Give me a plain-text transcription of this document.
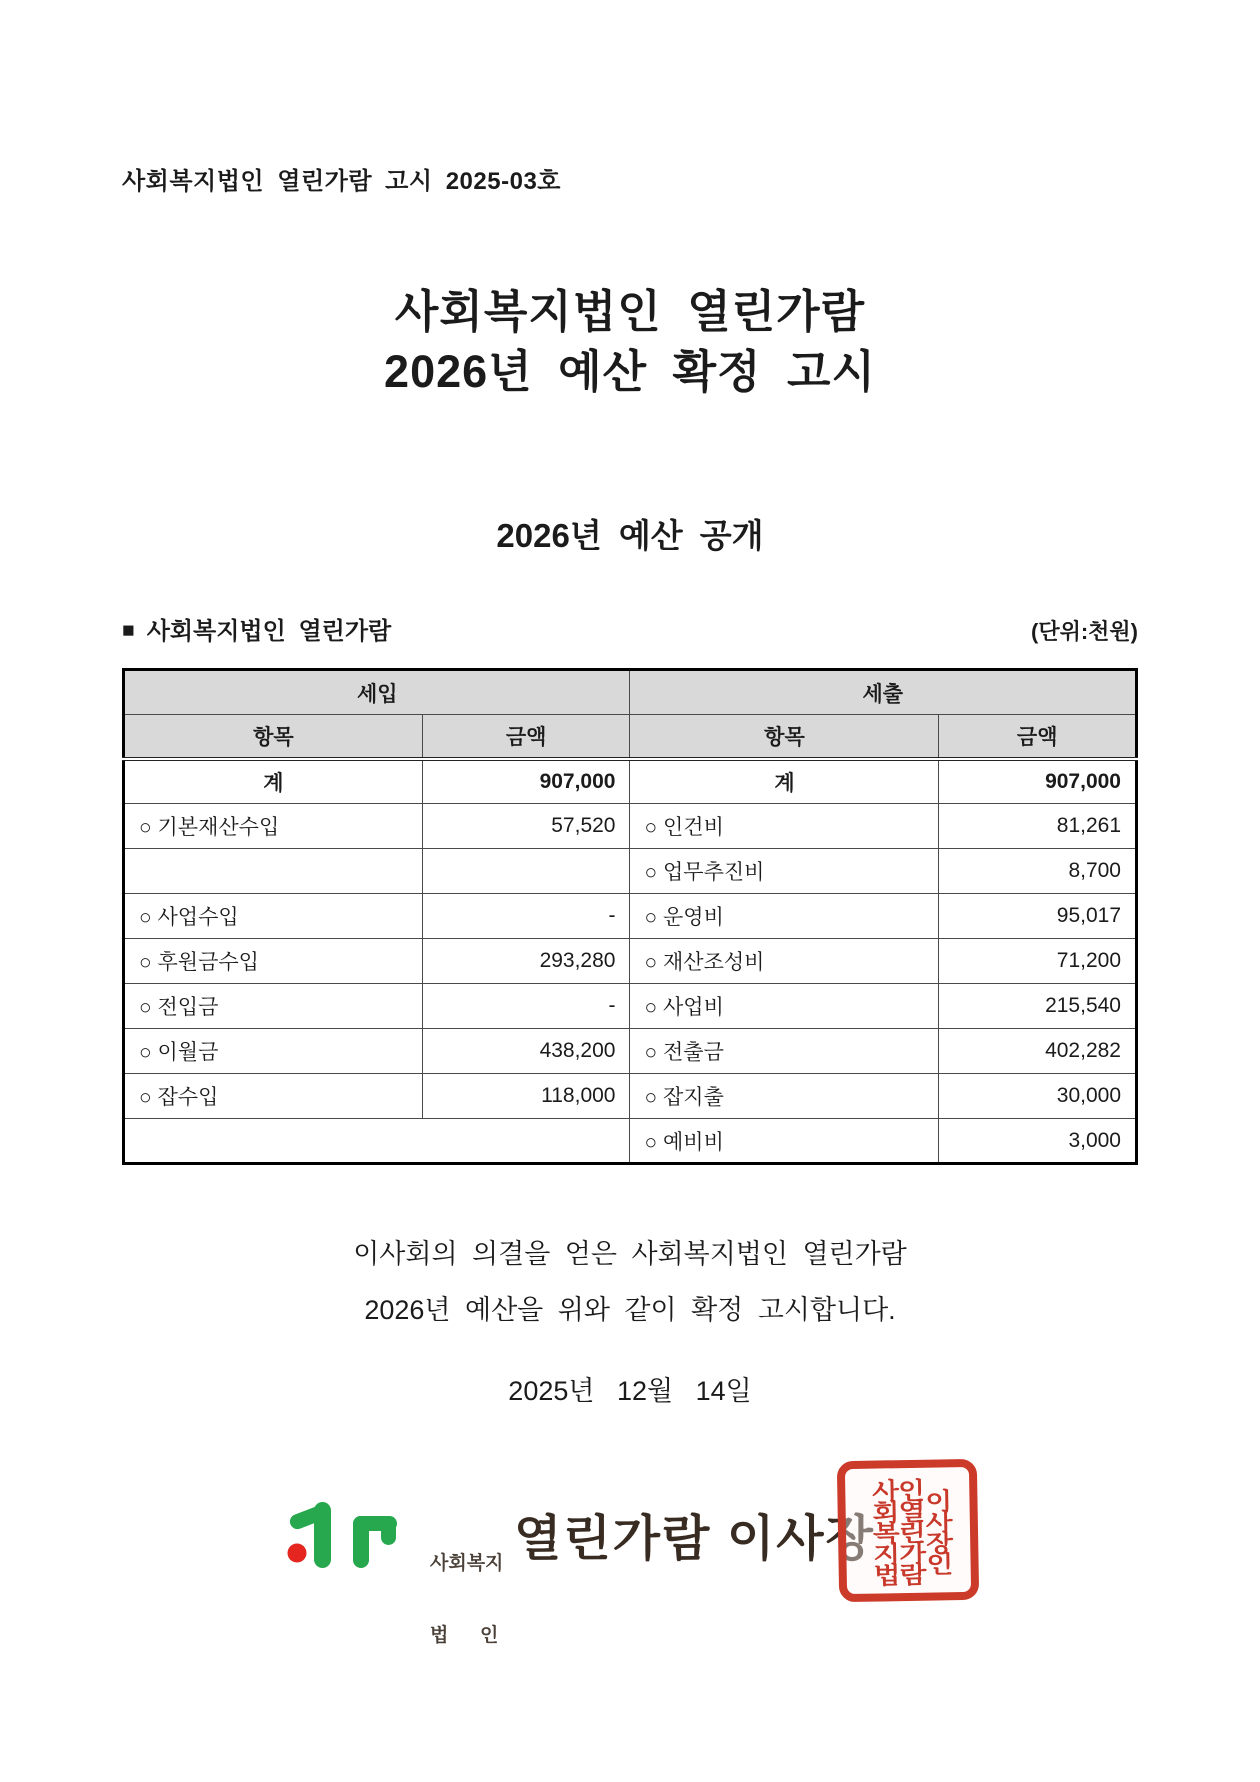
사회복지법인 열린가람 고시 2025-03호
사회복지법인 열린가람
2026년 예산 확정 고시
2026년 예산 공개
■ 사회복지법인 열린가람	(단위:천원)
세입		세출	
항목	금액	항목	금액
계	907,000	계	907,000
○ 기본재산수입	57,520	○ 인건비	81,261
		○ 업무추진비	8,700
○ 사업수입	-	○ 운영비	95,017
○ 후원금수입	293,280	○ 재산조성비	71,200
○ 전입금	-	○ 사업비	215,540
○ 이월금	438,200	○ 전출금	402,282
○ 잡수입	118,000	○ 잡지출	30,000
		○ 예비비	3,000
이사회의 의결을 얻은 사회복지법인 열린가람
2026년 예산을 위와 같이 확정 고시합니다.
2025년   12월   14일

사회복지

법      인

열린가람 이사장
사회복지법
인열린가람
이사장인
